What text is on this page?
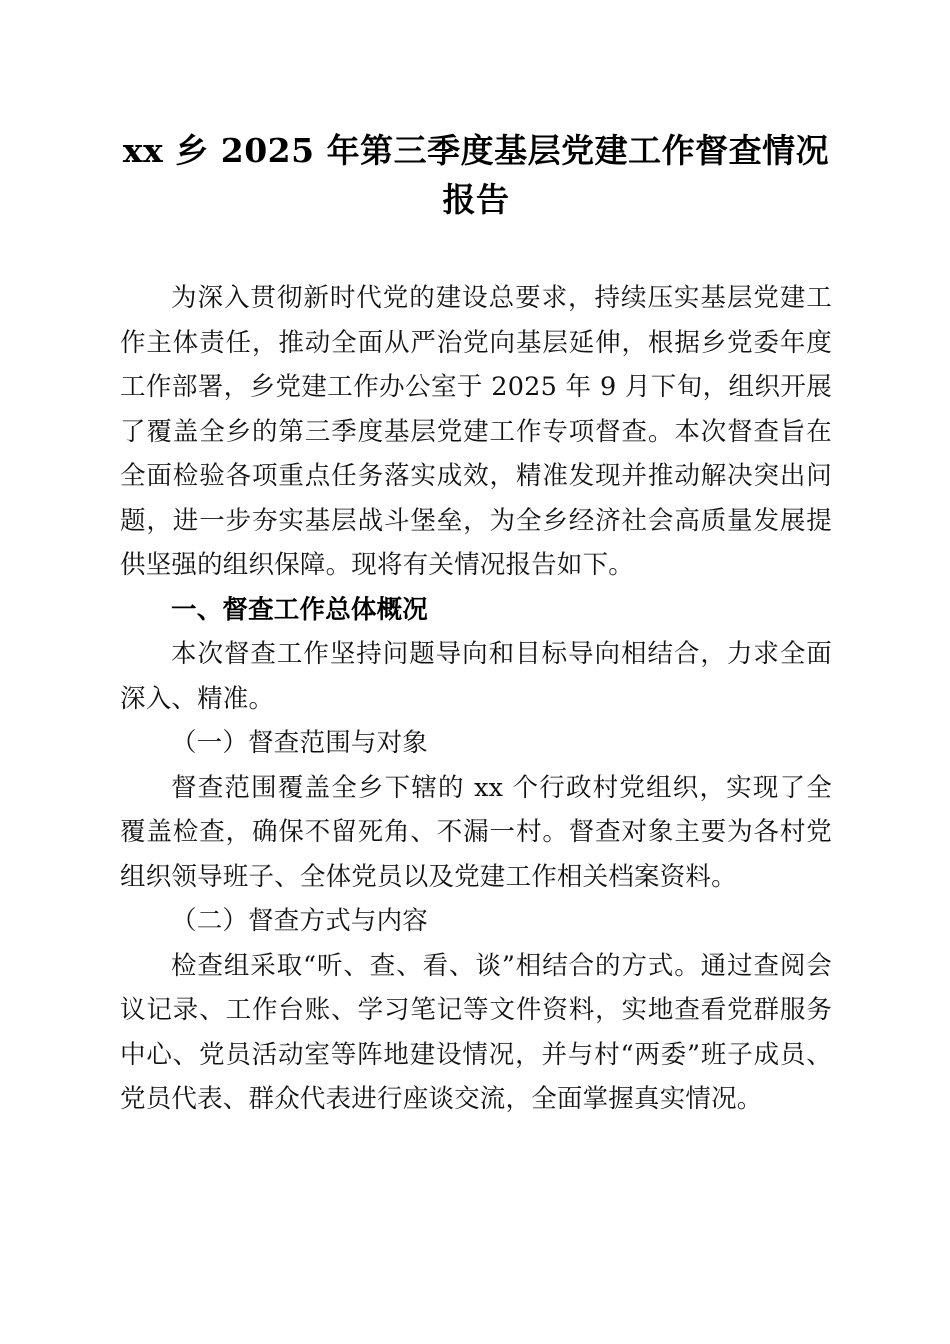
xx 乡 2025 年第三季度基层党建工作督查情况
报告

为深入贯彻新时代党的建设总要求，持续压实基层党建工作主体责任，推动全面从严治党向基层延伸，根据乡党委年度工作部署，乡党建工作办公室于 2025 年 9 月下旬，组织开展了覆盖全乡的第三季度基层党建工作专项督查。本次督查旨在全面检验各项重点任务落实成效，精准发现并推动解决突出问题，进一步夯实基层战斗堡垒，为全乡经济社会高质量发展提供坚强的组织保障。现将有关情况报告如下。

一、督查工作总体概况

本次督查工作坚持问题导向和目标导向相结合，力求全面深入、精准。

（一）督查范围与对象

督查范围覆盖全乡下辖的 xx 个行政村党组织，实现了全覆盖检查，确保不留死角、不漏一村。督查对象主要为各村党组织领导班子、全体党员以及党建工作相关档案资料。

（二）督查方式与内容

检查组采取“听、查、看、谈”相结合的方式。通过查阅会议记录、工作台账、学习笔记等文件资料，实地查看党群服务中心、党员活动室等阵地建设情况，并与村“两委”班子成员、党员代表、群众代表进行座谈交流，全面掌握真实情况。
